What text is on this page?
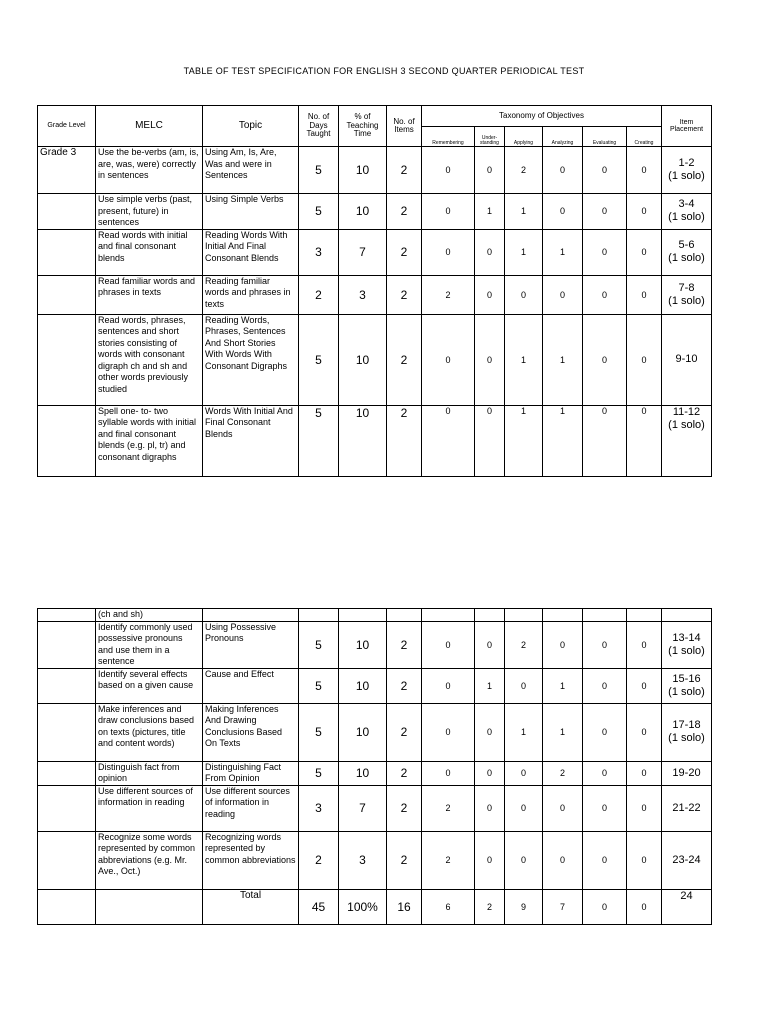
TABLE OF TEST SPECIFICATION FOR ENGLISH 3 SECOND QUARTER PERIODICAL TEST
Grade Level	MELC	Topic	No. of Days Taught	% of Teaching Time	No. of Items	Taxonomy of Objectives						Item Placement
						Remembering	Under-standing	Applying	Analyzing	Evaluating	Creating	
Grade 3	Use the be-verbs (am, is, are, was, were) correctly in sentences	Using Am, Is, Are, Was and were in Sentences	5	10	2	0	0	2	0	0	0	1-2
(1 solo)
	Use simple verbs (past, present, future) in sentences	Using Simple Verbs	5	10	2	0	1	1	0	0	0	3-4
(1 solo)
	Read words with initial and final consonant blends	Reading Words With Initial And Final Consonant Blends	3	7	2	0	0	1	1	0	0	5-6
(1 solo)
	Read familiar words and phrases in texts	Reading familiar words and phrases in texts	2	3	2	2	0	0	0	0	0	7-8
(1 solo)
	Read words, phrases, sentences and short stories consisting of words with consonant digraph ch and sh and other words previously studied	Reading Words, Phrases, Sentences And Short Stories With Words With Consonant Digraphs	5	10	2	0	0	1	1	0	0	9-10
	Spell one- to- two syllable words with initial and final consonant blends (e.g. pl, tr) and consonant digraphs	Words With Initial And Final Consonant Blends	5	10	2	0	0	1	1	0	0	11-12
(1 solo)
	(ch and sh)											
	Identify commonly used possessive pronouns and use them in a sentence	Using Possessive Pronouns	5	10	2	0	0	2	0	0	0	13-14
(1 solo)
	Identify several effects based on a given cause	Cause and Effect	5	10	2	0	1	0	1	0	0	15-16
(1 solo)
	Make inferences and draw conclusions based on texts (pictures, title and content words)	Making Inferences And Drawing Conclusions Based On Texts	5	10	2	0	0	1	1	0	0	17-18
(1 solo)
	Distinguish fact from opinion	Distinguishing Fact From Opinion	5	10	2	0	0	0	2	0	0	19-20
	Use different sources of information in reading	Use different sources of information in reading	3	7	2	2	0	0	0	0	0	21-22
	Recognize some words represented by common abbreviations (e.g. Mr. Ave., Oct.)	Recognizing words represented by common abbreviations	2	3	2	2	0	0	0	0	0	23-24
		Total	45	100%	16	6	2	9	7	0	0	24
